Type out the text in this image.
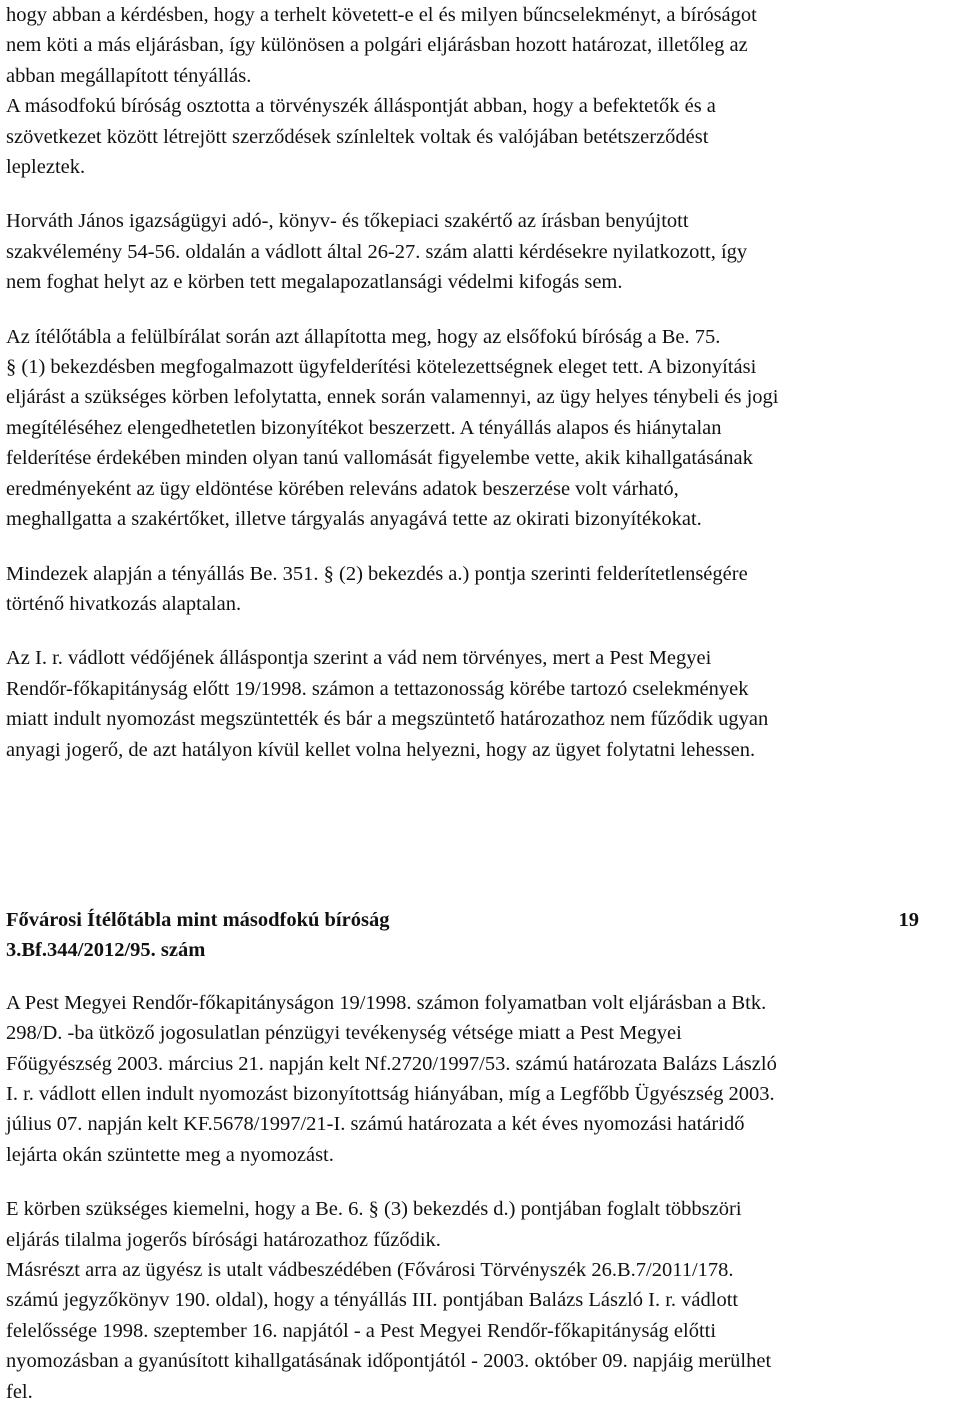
hogy abban a kérdésben, hogy a terhelt követett-e el és milyen bűncselekményt, a bíróságot
nem köti a más eljárásban, így különösen a polgári eljárásban hozott határozat, illetőleg az
abban megállapított tényállás.
A másodfokú bíróság osztotta a törvényszék álláspontját abban, hogy a befektetők és a
szövetkezet között létrejött szerződések színleltek voltak és valójában betétszerződést
lepleztek.

Horváth János igazságügyi adó-, könyv- és tőkepiaci szakértő az írásban benyújtott
szakvélemény 54-56. oldalán a vádlott által 26-27. szám alatti kérdésekre nyilatkozott, így
nem foghat helyt az e körben tett megalapozatlansági védelmi kifogás sem.

Az ítélőtábla a felülbírálat során azt állapította meg, hogy az elsőfokú bíróság a Be. 75.
§ (1) bekezdésben megfogalmazott ügyfelderítési kötelezettségnek eleget tett. A bizonyítási
eljárást a szükséges körben lefolytatta, ennek során valamennyi, az ügy helyes ténybeli és jogi
megítéléséhez elengedhetetlen bizonyítékot beszerzett. A tényállás alapos és hiánytalan
felderítése érdekében minden olyan tanú vallomását figyelembe vette, akik kihallgatásának
eredményeként az ügy eldöntése körében releváns adatok beszerzése volt várható,
meghallgatta a szakértőket, illetve tárgyalás anyagává tette az okirati bizonyítékokat.

Mindezek alapján a tényállás Be. 351. § (2) bekezdés a.) pontja szerinti felderítetlenségére
történő hivatkozás alaptalan.

Az I. r. vádlott védőjének álláspontja szerint a vád nem törvényes, mert a Pest Megyei
Rendőr-főkapitányság előtt 19/1998. számon a tettazonosság körébe tartozó cselekmények
miatt indult nyomozást megszüntették és bár a megszüntető határozathoz nem fűződik ugyan
anyagi jogerő, de azt hatályon kívül kellet volna helyezni, hogy az ügyet folytatni lehessen.

Fővárosi Ítélőtábla mint másodfokú bíróság	19

3.Bf.344/2012/95. szám

A Pest Megyei Rendőr-főkapitányságon 19/1998. számon folyamatban volt eljárásban a Btk.
298/D. -ba ütköző jogosulatlan pénzügyi tevékenység vétsége miatt a Pest Megyei
Főügyészség 2003. március 21. napján kelt Nf.2720/1997/53. számú határozata Balázs László
I. r. vádlott ellen indult nyomozást bizonyítottság hiányában, míg a Legfőbb Ügyészség 2003.
július 07. napján kelt KF.5678/1997/21-I. számú határozata a két éves nyomozási határidő
lejárta okán szüntette meg a nyomozást.

E körben szükséges kiemelni, hogy a Be. 6. § (3) bekezdés d.) pontjában foglalt többszöri
eljárás tilalma jogerős bírósági határozathoz fűződik.

Másrészt arra az ügyész is utalt vádbeszédében (Fővárosi Törvényszék 26.B.7/2011/178.
számú jegyzőkönyv 190. oldal), hogy a tényállás III. pontjában Balázs László I. r. vádlott
felelőssége 1998. szeptember 16. napjától - a Pest Megyei Rendőr-főkapitányság előtti
nyomozásban a gyanúsított kihallgatásának időpontjától - 2003. október 09. napjáig merülhet
fel.
